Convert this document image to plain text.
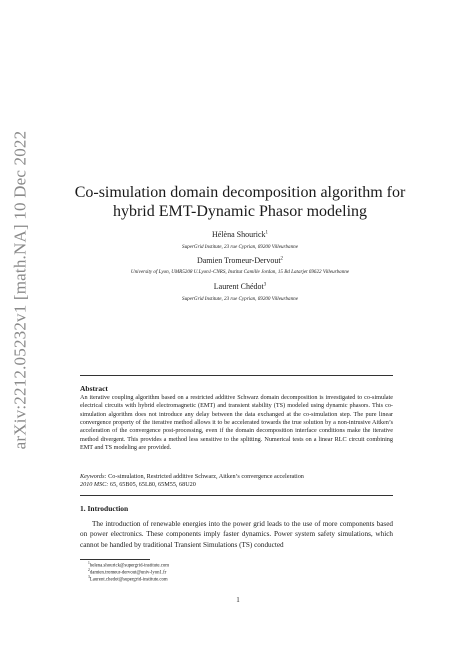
arXiv:2212.05232v1 [math.NA] 10 Dec 2022	Co-simulation domain decomposition algorithm for
hybrid EMT-Dynamic Phasor modeling
Hélèna Shourick$^1$
SuperGrid Institute, 23 rue Cyprian, 69200 Villeurbanne
Damien Tromeur-Dervout$^2$
University of Lyon, UMR5208 U.Lyon1-CNRS, Institut Camille Jordan, 15 Bd Latarjet 69622 Villeurbanne
Laurent Chédot$^3$
SuperGrid Institute, 23 rue Cyprian, 69200 Villeurbanne
Abstract
An iterative coupling algorithm based on a restricted additive Schwarz domain decomposition is investigated to co-simulate electrical circuits with hybrid electromagnetic (EMT) and transient stability (TS) modeled using dynamic phasors. This co-simulation algorithm does not introduce any delay between the data exchanged at the co-simulation step. The pure linear convergence property of the iterative method allows it to be accelerated towards the true solution by a non-intrusive Aitken’s acceleration of the convergence post-processing, even if the domain decomposition interface conditions make the iterative method divergent. This provides a method less sensitive to the splitting. Numerical tests on a linear RLC circuit combining EMT and TS modeling are provided.
Keywords: Co-simulation, Restricted additive Schwarz, Aitken’s convergence acceleration
2010 MSC: 65, 65B05, 65L80, 65M55, 68U20
1. Introduction
The introduction of renewable energies into the power grid leads to the use of more components based on power electronics. These components imply faster dynamics. Power system safety simulations, which cannot be handled by traditional Transient Simulations (TS) conducted
$^1$helena.shourick@supergrid-institute.com
$^2$damien.tromeur-dervout@univ-lyon1.fr
$^3$Laurent.chedot@supergrid-institute.com
1
